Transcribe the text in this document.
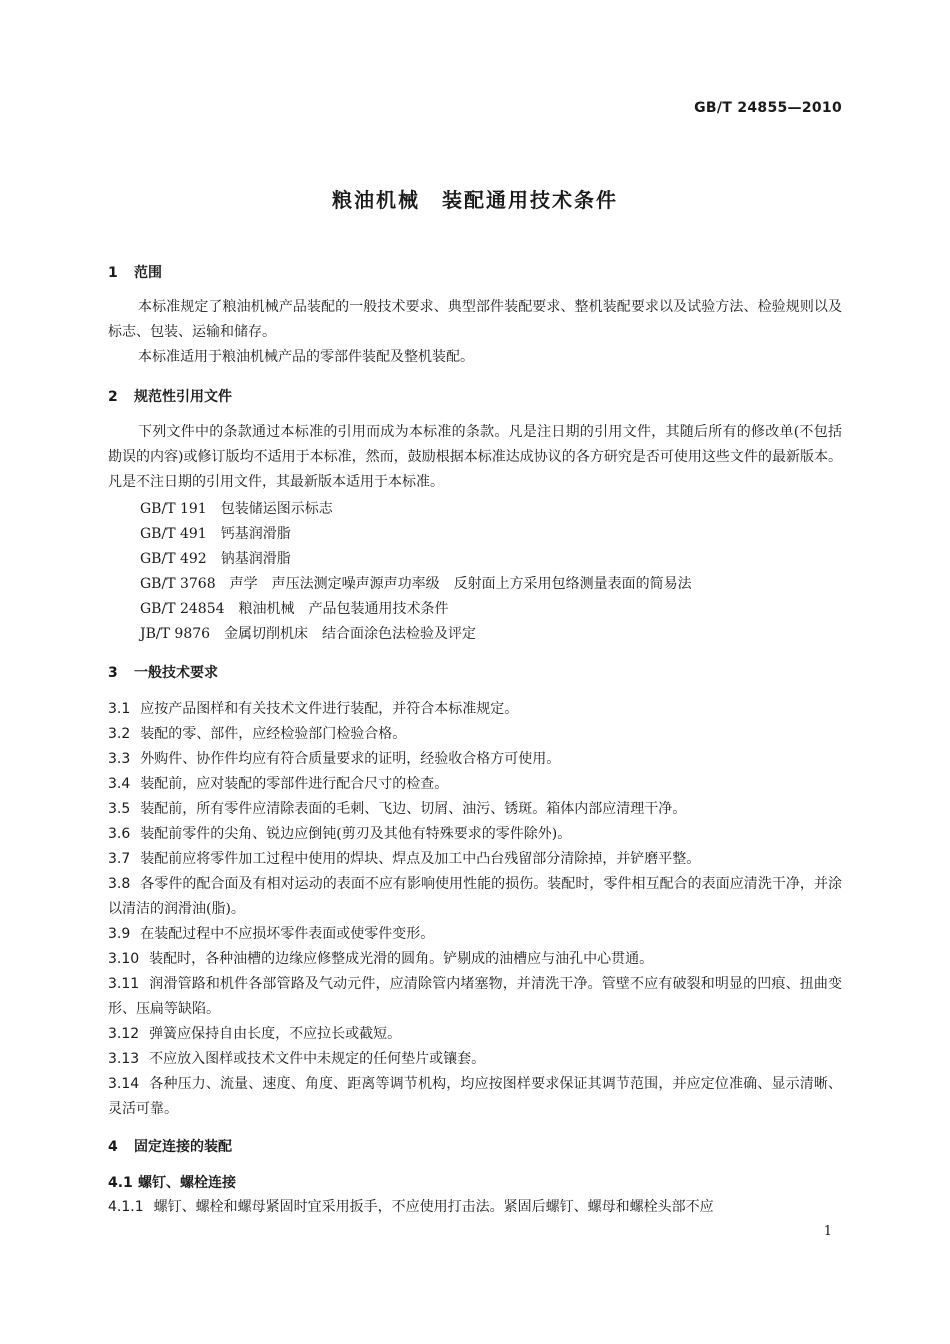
GB/T 24855—2010
粮油机械　装配通用技术条件
1 范围
本标准规定了粮油机械产品装配的一般技术要求、典型部件装配要求、整机装配要求以及试验方法、检验规则以及标志、包装、运输和储存。
本标准适用于粮油机械产品的零部件装配及整机装配。
2 规范性引用文件
下列文件中的条款通过本标准的引用而成为本标准的条款。凡是注日期的引用文件，其随后所有的修改单(不包括勘误的内容)或修订版均不适用于本标准，然而，鼓励根据本标准达成协议的各方研究是否可使用这些文件的最新版本。凡是不注日期的引用文件，其最新版本适用于本标准。
GB/T 191 包装储运图示标志
GB/T 491 钙基润滑脂
GB/T 492 钠基润滑脂
GB/T 3768 声学　声压法测定噪声源声功率级　反射面上方采用包络测量表面的简易法
GB/T 24854 粮油机械　产品包装通用技术条件
JB/T 9876 金属切削机床　结合面涂色法检验及评定
3 一般技术要求
3.1 应按产品图样和有关技术文件进行装配，并符合本标准规定。
3.2 装配的零、部件，应经检验部门检验合格。
3.3 外购件、协作件均应有符合质量要求的证明，经验收合格方可使用。
3.4 装配前，应对装配的零部件进行配合尺寸的检查。
3.5 装配前，所有零件应清除表面的毛刺、飞边、切屑、油污、锈斑。箱体内部应清理干净。
3.6 装配前零件的尖角、锐边应倒钝(剪刃及其他有特殊要求的零件除外)。
3.7 装配前应将零件加工过程中使用的焊块、焊点及加工中凸台残留部分清除掉，并铲磨平整。
3.8 各零件的配合面及有相对运动的表面不应有影响使用性能的损伤。装配时，零件相互配合的表面应清洗干净，并涂以清洁的润滑油(脂)。
3.9 在装配过程中不应损坏零件表面或使零件变形。
3.10 装配时，各种油槽的边缘应修整成光滑的圆角。铲剔成的油槽应与油孔中心贯通。
3.11 润滑管路和机件各部管路及气动元件，应清除管内堵塞物，并清洗干净。管壁不应有破裂和明显的凹痕、扭曲变形、压扁等缺陷。
3.12 弹簧应保持自由长度，不应拉长或截短。
3.13 不应放入图样或技术文件中未规定的任何垫片或镶套。
3.14 各种压力、流量、速度、角度、距离等调节机构，均应按图样要求保证其调节范围，并应定位准确、显示清晰、灵活可靠。
4 固定连接的装配
4.1 螺钉、螺栓连接
4.1.1 螺钉、螺栓和螺母紧固时宜采用扳手，不应使用打击法。紧固后螺钉、螺母和螺栓头部不应
1
